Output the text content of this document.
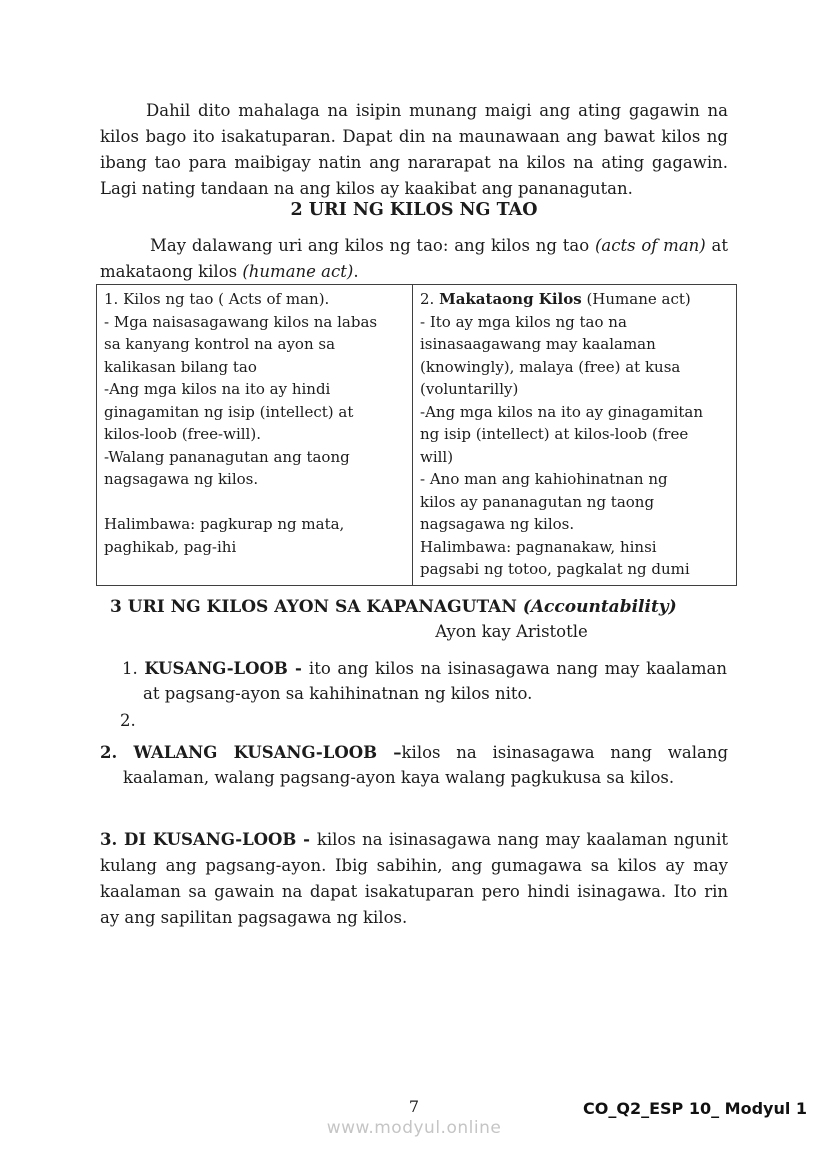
Dahil dito mahalaga na isipin munang maigi ang ating gagawin na kilos bago ito isakatuparan. Dapat din na maunawaan ang bawat kilos ng ibang tao para maibigay natin ang nararapat na kilos na ating gagawin. Lagi nating tandaan na ang kilos ay kaakibat ang pananagutan.
2 URI NG KILOS NG TAO
May dalawang uri ang kilos ng tao: ang kilos ng tao (acts of man) at makataong kilos (humane act).
1. Kilos ng tao ( Acts of man).
- Mga naisasagawang kilos na labas
sa kanyang kontrol na ayon sa
kalikasan bilang tao
-Ang mga kilos na ito ay hindi
ginagamitan ng isip (intellect) at
kilos-loob (free-will).
-Walang pananagutan ang taong
nagsagawa ng kilos.
Halimbawa: pagkurap ng mata,
paghikab, pag-ihi
2. Makataong Kilos (Humane act)
- Ito ay mga kilos ng tao na
isinasaagawang may kaalaman
(knowingly), malaya (free) at kusa
(voluntarilly)
-Ang mga kilos na ito ay ginagamitan
ng isip (intellect) at kilos-loob (free
will)
- Ano man ang kahiohinatnan ng
kilos ay pananagutan ng taong
nagsagawa ng kilos.
Halimbawa: pagnanakaw, hinsi
pagsabi ng totoo, pagkalat ng dumi
3 URI NG KILOS AYON SA KAPANAGUTAN (Accountability)
Ayon kay Aristotle
1. KUSANG-LOOB - ito ang kilos na isinasagawa nang may kaalaman at pagsang-ayon sa kahihinatnan ng kilos nito.
2.
2. WALANG KUSANG-LOOB –kilos na isinasagawa nang walang kaalaman, walang pagsang-ayon kaya walang pagkukusa sa kilos.
3. DI KUSANG-LOOB - kilos na isinasagawa nang may kaalaman ngunit kulang ang pagsang-ayon. Ibig sabihin, ang gumagawa sa kilos ay may kaalaman sa gawain na dapat isakatuparan pero hindi isinagawa. Ito rin ay ang sapilitan pagsagawa ng kilos.
7
www.modyul.online
CO_Q2_ESP 10_ Modyul 1
